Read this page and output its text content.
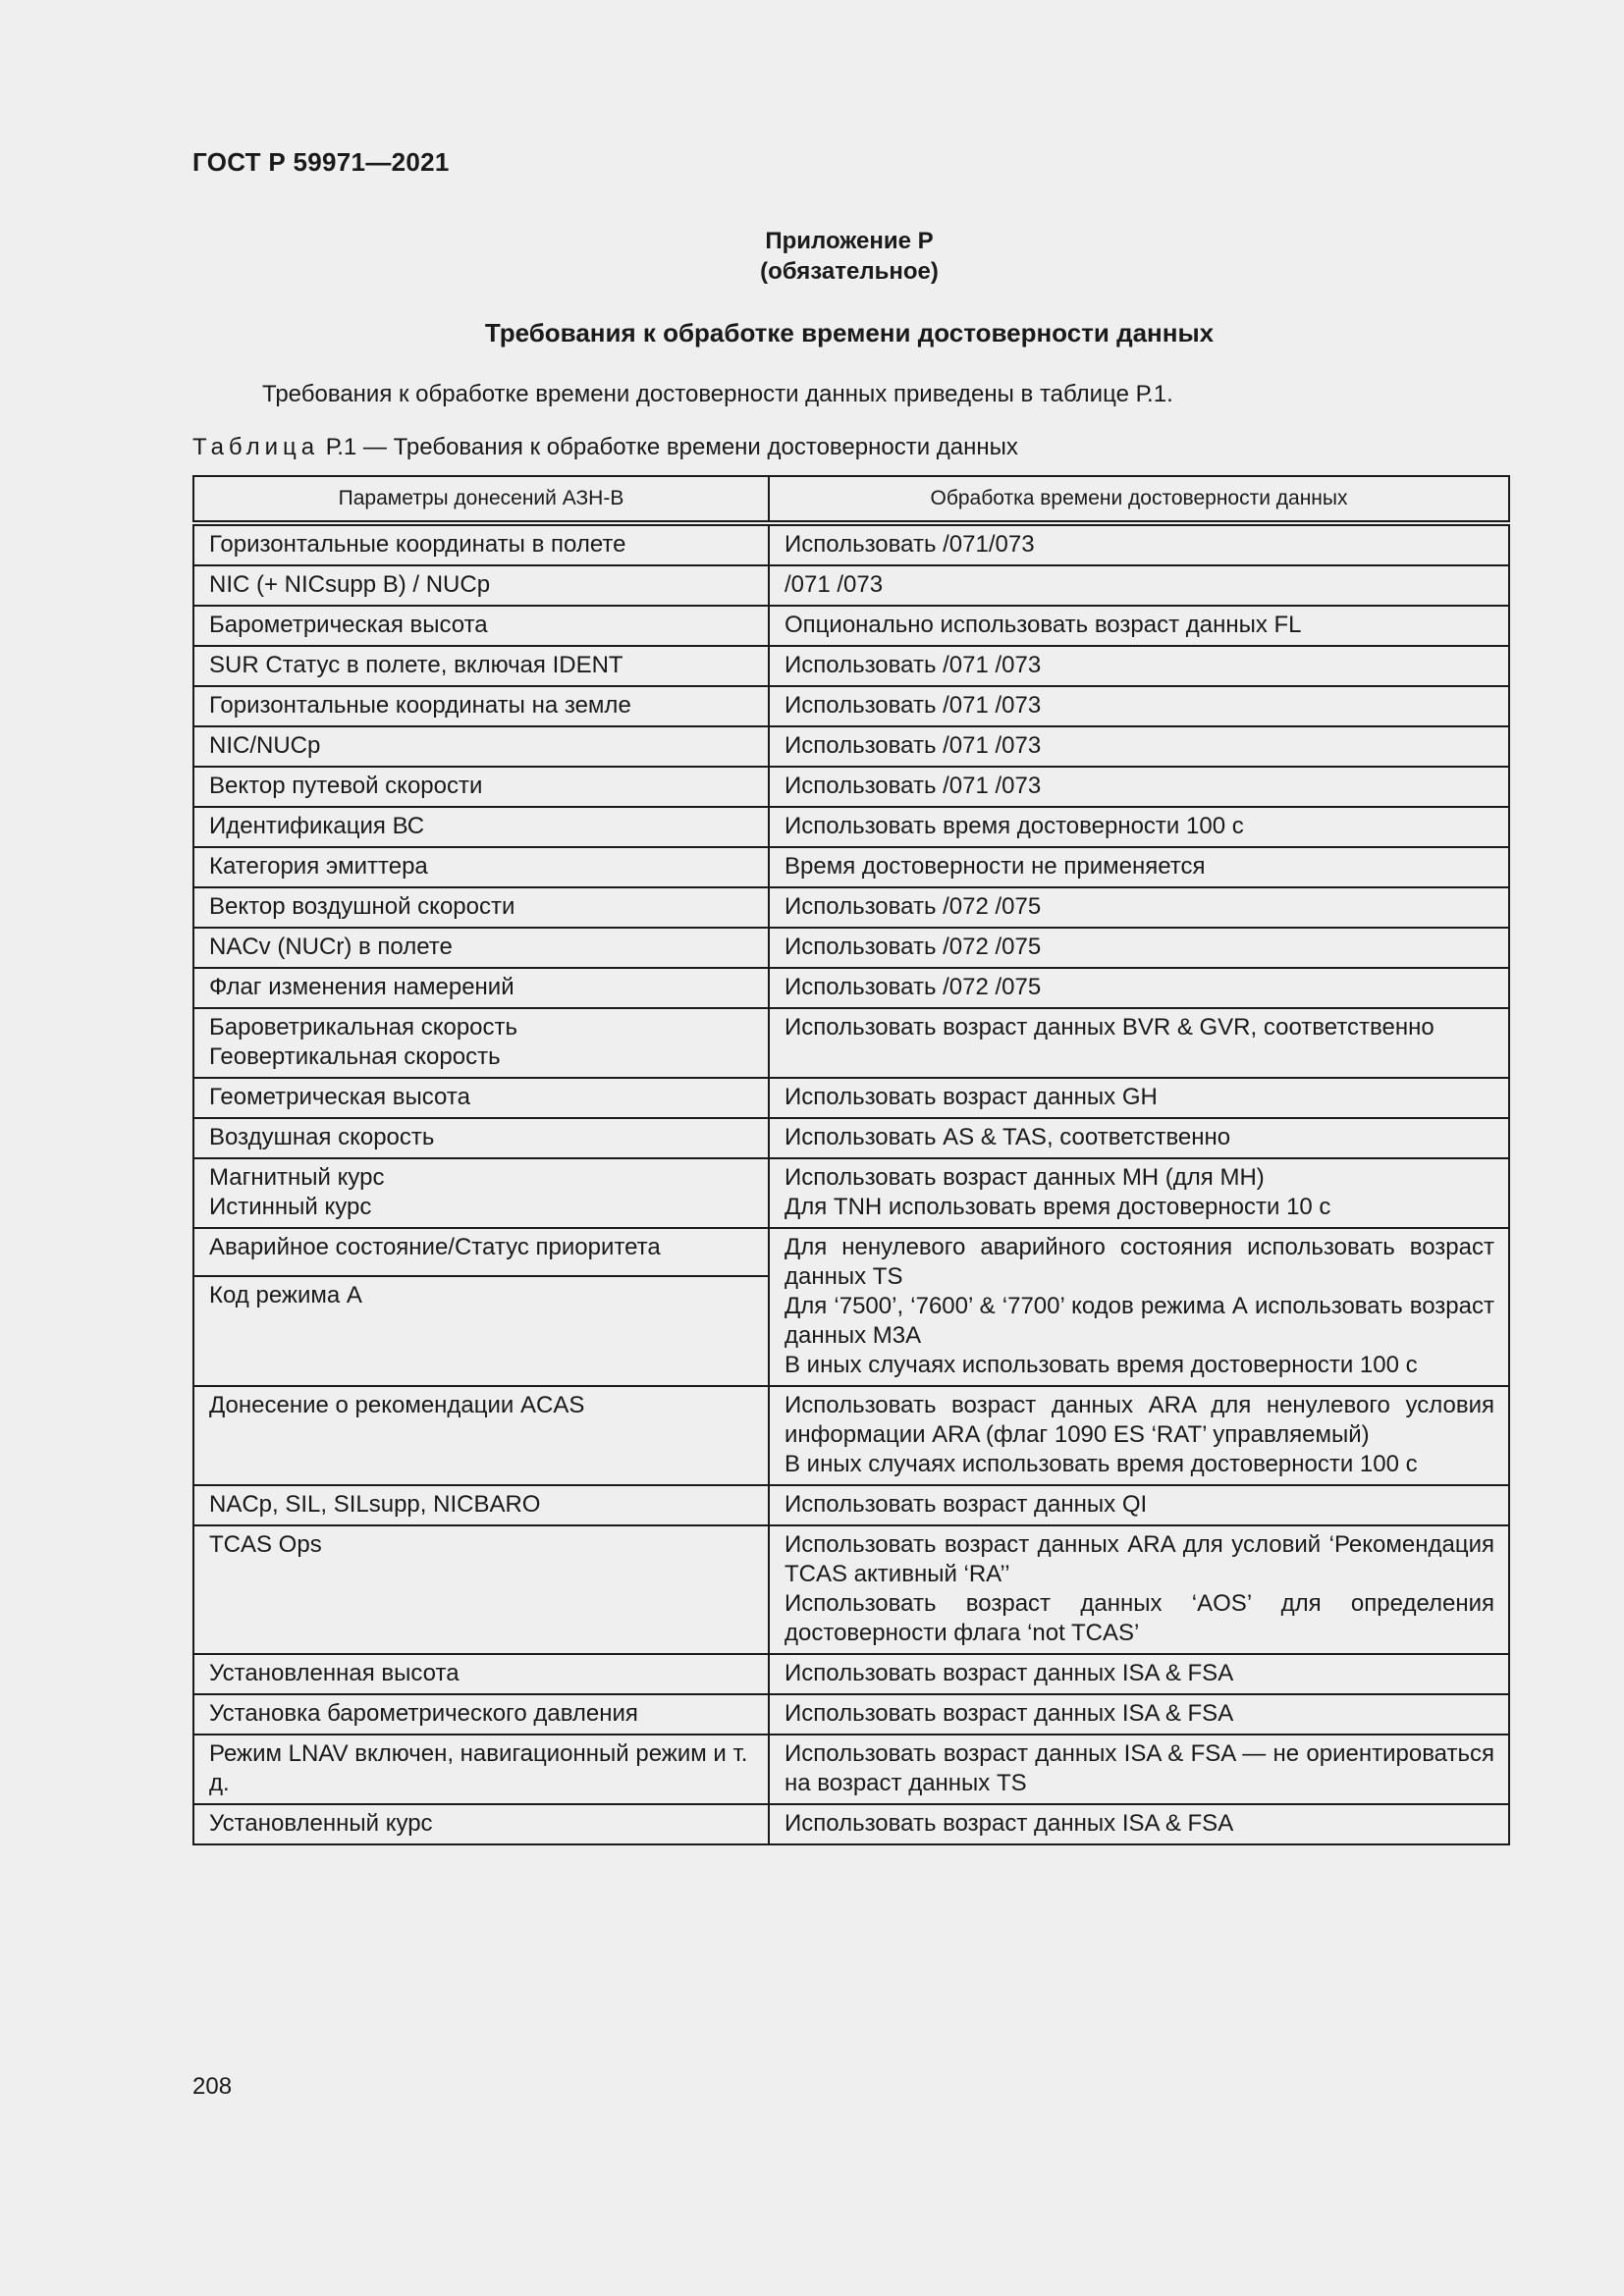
ГОСТ Р 59971—2021
Приложение Р
(обязательное)
Требования к обработке времени достоверности данных
Требования к обработке времени достоверности данных приведены в таблице Р.1.
Таблица Р.1 — Требования к обработке времени достоверности данных
Параметры донесений АЗН-В	Обработка времени достоверности данных

Горизонтальные координаты в полете	Использовать /071/073

NIC (+ NICsupp B) / NUCp	/071 /073

Барометрическая высота	Опционально использовать возраст данных FL

SUR Статус в полете, включая IDENT	Использовать /071 /073

Горизонтальные координаты на земле	Использовать /071 /073

NIC/NUCp	Использовать /071 /073

Вектор путевой скорости	Использовать /071 /073

Идентификация ВС	Использовать время достоверности 100 с

Категория эмиттера	Время достоверности не применяется

Вектор воздушной скорости	Использовать /072 /075

NACv (NUCr) в полете	Использовать /072 /075

Флаг изменения намерений	Использовать /072 /075

Бароветрикальная скорость
Геовертикальная скорость	Использовать возраст данных BVR & GVR, соответственно

Геометрическая высота	Использовать возраст данных GH

Воздушная скорость	Использовать AS & TAS, соответственно

Магнитный курс
Истинный курс	Использовать возраст данных MH (для MH)
Для TNH использовать время достоверности 10 с

Аварийное состояние/Статус приоритета	Для ненулевого аварийного состояния использовать возраст данных TS
Для ‘7500’, ‘7600’ & ‘7700’ кодов режима А использовать возраст данных M3A
В иных случаях использовать время достоверности 100 с

Код режима А	

Донесение о рекомендации ACAS	Использовать возраст данных ARA для ненулевого условия информации ARA (флаг 1090 ES ‘RAT’ управляемый)
В иных случаях использовать время достоверности 100 с

NACp, SIL, SILsupp, NICBARO	Использовать возраст данных QI

TCAS Ops	Использовать возраст данных ARA для условий ‘Рекомендация TCAS активный ‘RA’’
Использовать возраст данных ‘AOS’ для определения достоверности флага ‘not TCAS’

Установленная высота	Использовать возраст данных ISA & FSA

Установка барометрического давления	Использовать возраст данных ISA & FSA

Режим LNAV включен, навигационный режим и т. д.	Использовать возраст данных ISA & FSA — не ориентироваться на возраст данных TS

Установленный курс	Использовать возраст данных ISA & FSA
208
